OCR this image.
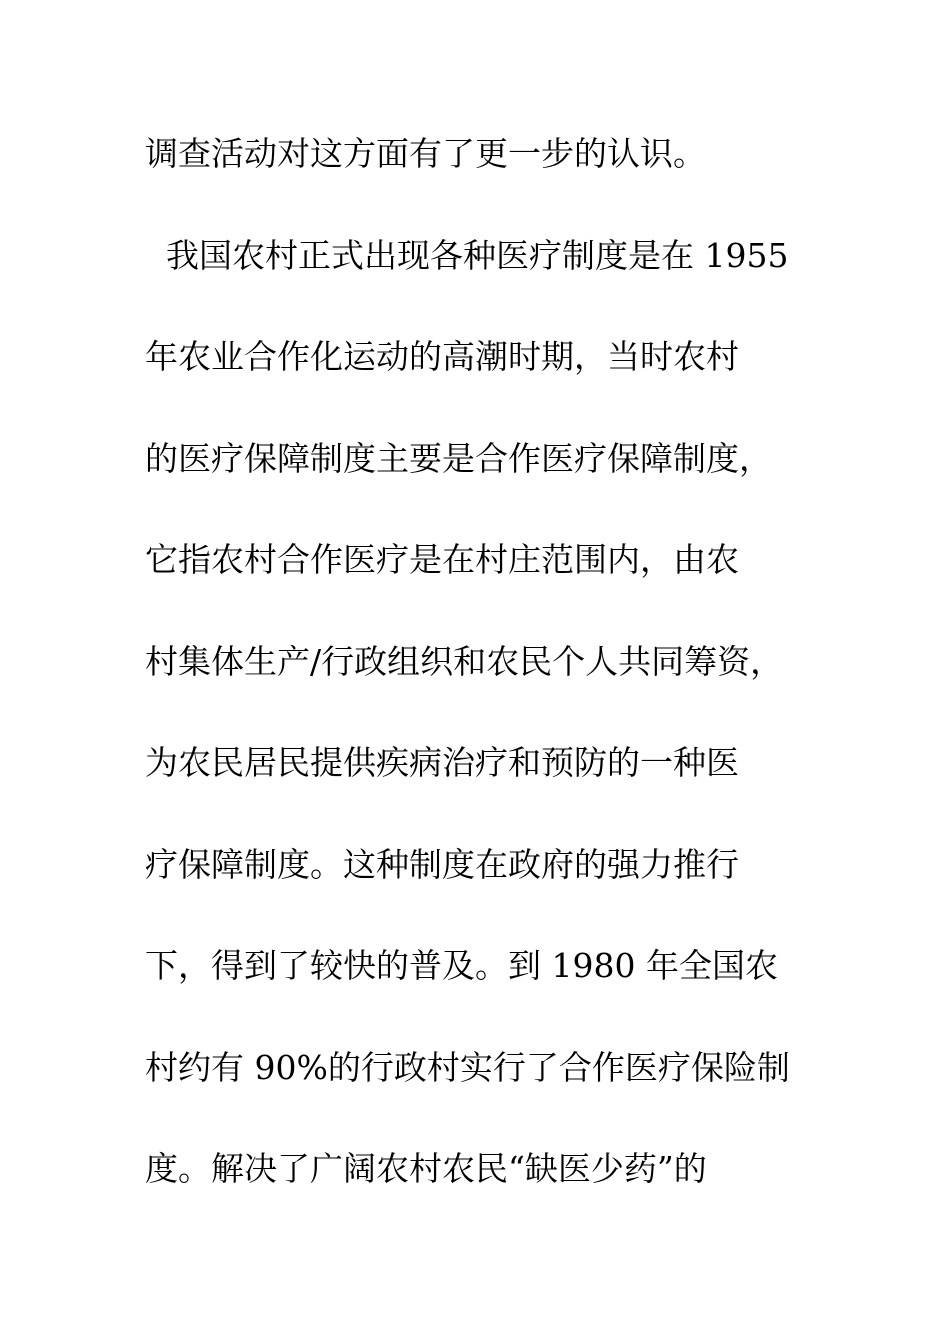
调查活动对这方面有了更一步的认识。
我国农村正式出现各种医疗制度是在 1955
年农业合作化运动的高潮时期，当时农村
的医疗保障制度主要是合作医疗保障制度，
它指农村合作医疗是在村庄范围内，由农
村集体生产/行政组织和农民个人共同筹资，
为农民居民提供疾病治疗和预防的一种医
疗保障制度。这种制度在政府的强力推行
下，得到了较快的普及。到 1980 年全国农
村约有 90%的行政村实行了合作医疗保险制
度。解决了广阔农村农民“缺医少药”的
